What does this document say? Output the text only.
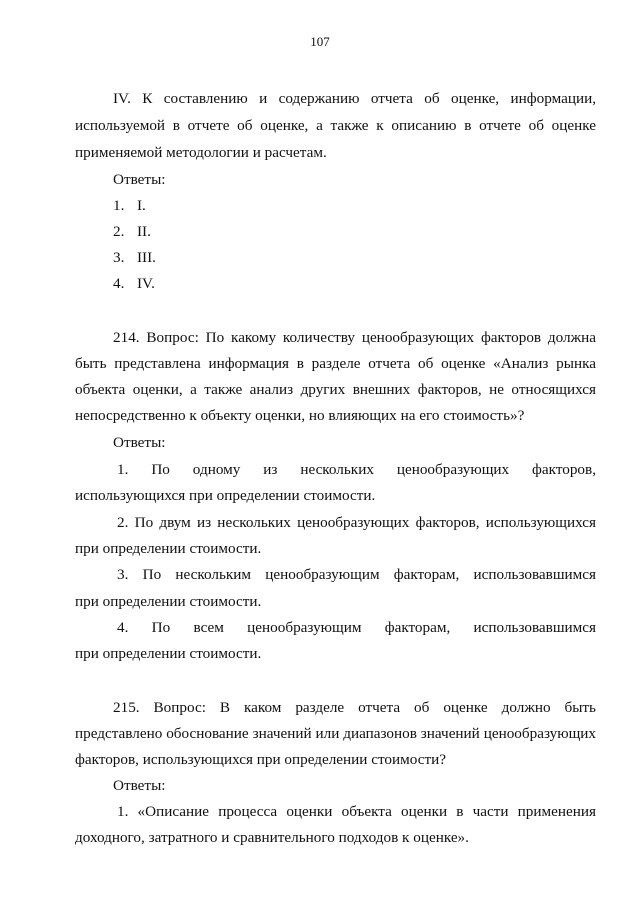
107
IV. К составлению и содержанию отчета об оценке, информации,
используемой в отчете об оценке, а также к описанию в отчете об оценке
применяемой методологии и расчетам.
Ответы:
1. I.
2. II.
3. III.
4. IV.
214. Вопрос: По какому количеству ценообразующих факторов должна
быть представлена информация в разделе отчета об оценке «Анализ рынка
объекта оценки, а также анализ других внешних факторов, не относящихся
непосредственно к объекту оценки, но влияющих на его стоимость»?
Ответы:
1. По одному из нескольких ценообразующих факторов,
использующихся при определении стоимости.
2. По двум из нескольких ценообразующих факторов, использующихся
при определении стоимости.
3. По нескольким ценообразующим факторам, использовавшимся
при определении стоимости.
4. По всем ценообразующим факторам, использовавшимся
при определении стоимости.
215. Вопрос: В каком разделе отчета об оценке должно быть
представлено обоснование значений или диапазонов значений ценообразующих
факторов, использующихся при определении стоимости?
Ответы:
1. «Описание процесса оценки объекта оценки в части применения
доходного, затратного и сравнительного подходов к оценке».
